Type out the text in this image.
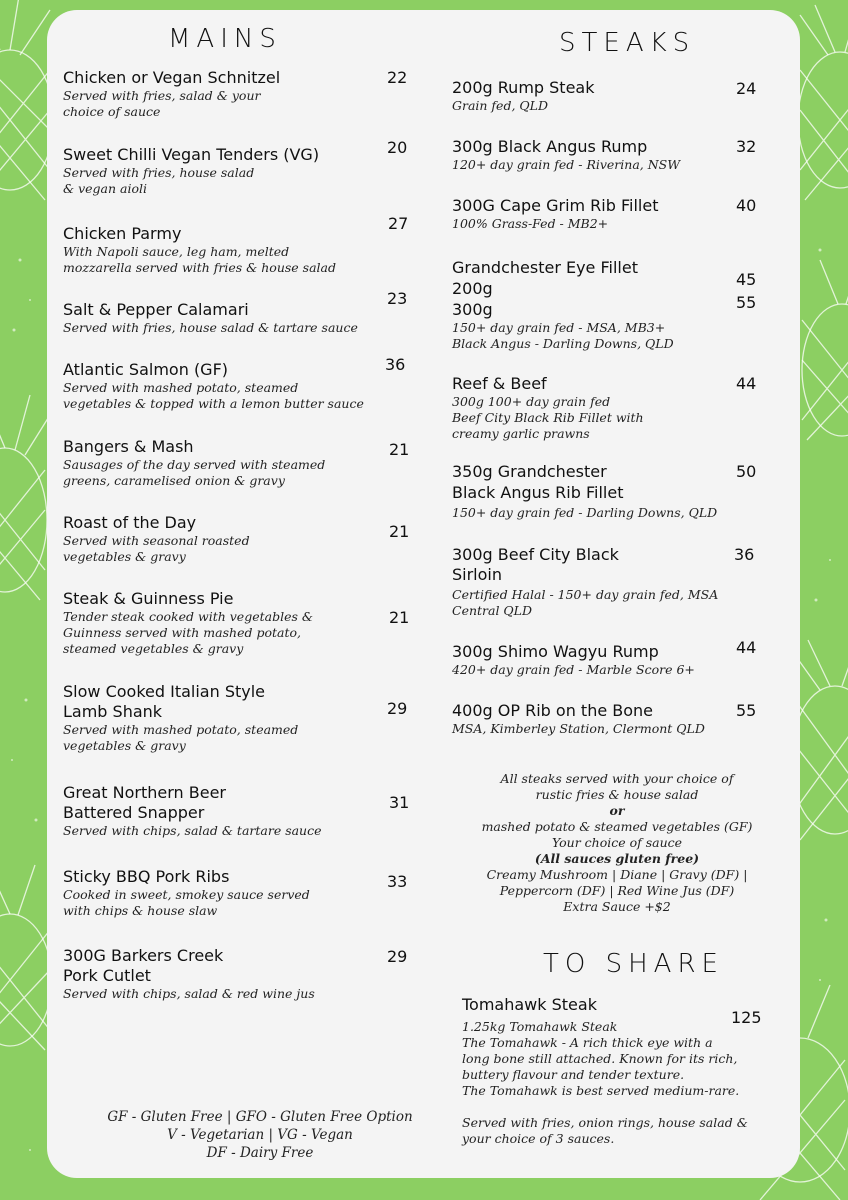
MAINS
Chicken or Vegan Schnitzel
Served with fries, salad & your
choice of sauce
22
Sweet Chilli Vegan Tenders (VG)
Served with fries, house salad
& vegan aioli
20
Chicken Parmy
With Napoli sauce, leg ham, melted
mozzarella served with fries & house salad
27
Salt & Pepper Calamari
Served with fries, house salad & tartare sauce
23
Atlantic Salmon (GF)
Served with mashed potato, steamed
vegetables & topped with a lemon butter sauce
36
Bangers & Mash
Sausages of the day served with steamed
greens, caramelised onion & gravy
21
Roast of the Day
Served with seasonal roasted
vegetables & gravy
21
Steak & Guinness Pie
Tender steak cooked with vegetables &
Guinness served with mashed potato,
steamed vegetables & gravy
21
Slow Cooked Italian Style
Lamb Shank
Served with mashed potato, steamed
vegetables & gravy
29
Great Northern Beer
Battered Snapper
Served with chips, salad & tartare sauce
31
Sticky BBQ Pork Ribs
Cooked in sweet, smokey sauce served
with chips & house slaw
33
300G Barkers Creek
Pork Cutlet
Served with chips, salad & red wine jus
29
STEAKS
200g Rump Steak
Grain fed, QLD
24
300g Black Angus Rump
120+ day grain fed - Riverina, NSW
32
300G Cape Grim Rib Fillet
100% Grass-Fed - MB2+
40
Grandchester Eye Fillet
200g
300g
150+ day grain fed - MSA, MB3+
Black Angus - Darling Downs, QLD
45
55
Reef & Beef
300g 100+ day grain fed
Beef City Black Rib Fillet with
creamy garlic prawns
44
350g Grandchester
Black Angus Rib Fillet
150+ day grain fed - Darling Downs, QLD
50
300g Beef City Black
Sirloin
Certified Halal - 150+ day grain fed, MSA
Central QLD
36
300g Shimo Wagyu Rump
420+ day grain fed - Marble Score 6+
44
400g OP Rib on the Bone
MSA, Kimberley Station, Clermont QLD
55
All steaks served with your choice of
rustic fries & house salad
or
mashed potato & steamed vegetables (GF)
Your choice of sauce
(All sauces gluten free)
Creamy Mushroom | Diane | Gravy (DF) |
Peppercorn (DF) | Red Wine Jus (DF)
Extra Sauce +$2
TO SHARE
Tomahawk Steak
1.25kg Tomahawk Steak
The Tomahawk - A rich thick eye with a
long bone still attached. Known for its rich,
buttery flavour and tender texture.
The Tomahawk is best served medium-rare.
Served with fries, onion rings, house salad &
your choice of 3 sauces.
125
GF - Gluten Free | GFO - Gluten Free Option
V - Vegetarian | VG - Vegan
DF - Dairy Free
